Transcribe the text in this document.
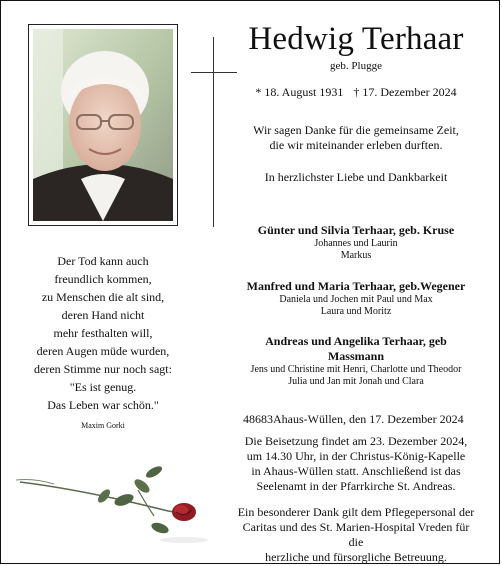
Hedwig Terhaar
geb. Plugge
* 18. August 1931 † 17. Dezember 2024
Wir sagen Danke für die gemeinsame Zeit,
die wir miteinander erleben durften.
In herzlichster Liebe und Dankbarkeit
Günter und Silvia Terhaar, geb. Kruse
Johannes und Laurin
Markus
Manfred und Maria Terhaar, geb.Wegener
Daniela und Jochen mit Paul und Max
Laura und Moritz
Andreas und Angelika Terhaar, geb Massmann
Jens und Christine mit Henri, Charlotte und Theodor
Julia und Jan mit Jonah und Clara
Der Tod kann auch
freundlich kommen,
zu Menschen die alt sind,
deren Hand nicht
mehr festhalten will,
deren Augen müde wurden,
deren Stimme nur noch sagt:
"Es ist genug.
Das Leben war schön."
Maxim Gorki	48683Ahaus-Wüllen, den 17. Dezember 2024
Die Beisetzung findet am 23. Dezember 2024,
um 14.30 Uhr, in der Christus-König-Kapelle
in Ahaus-Wüllen statt. Anschließend ist das
Seelenamt in der Pfarrkirche St. Andreas.
Ein besonderer Dank gilt dem Pflegepersonal der
Caritas und des St. Marien-Hospital Vreden für die
herzliche und fürsorgliche Betreuung.
